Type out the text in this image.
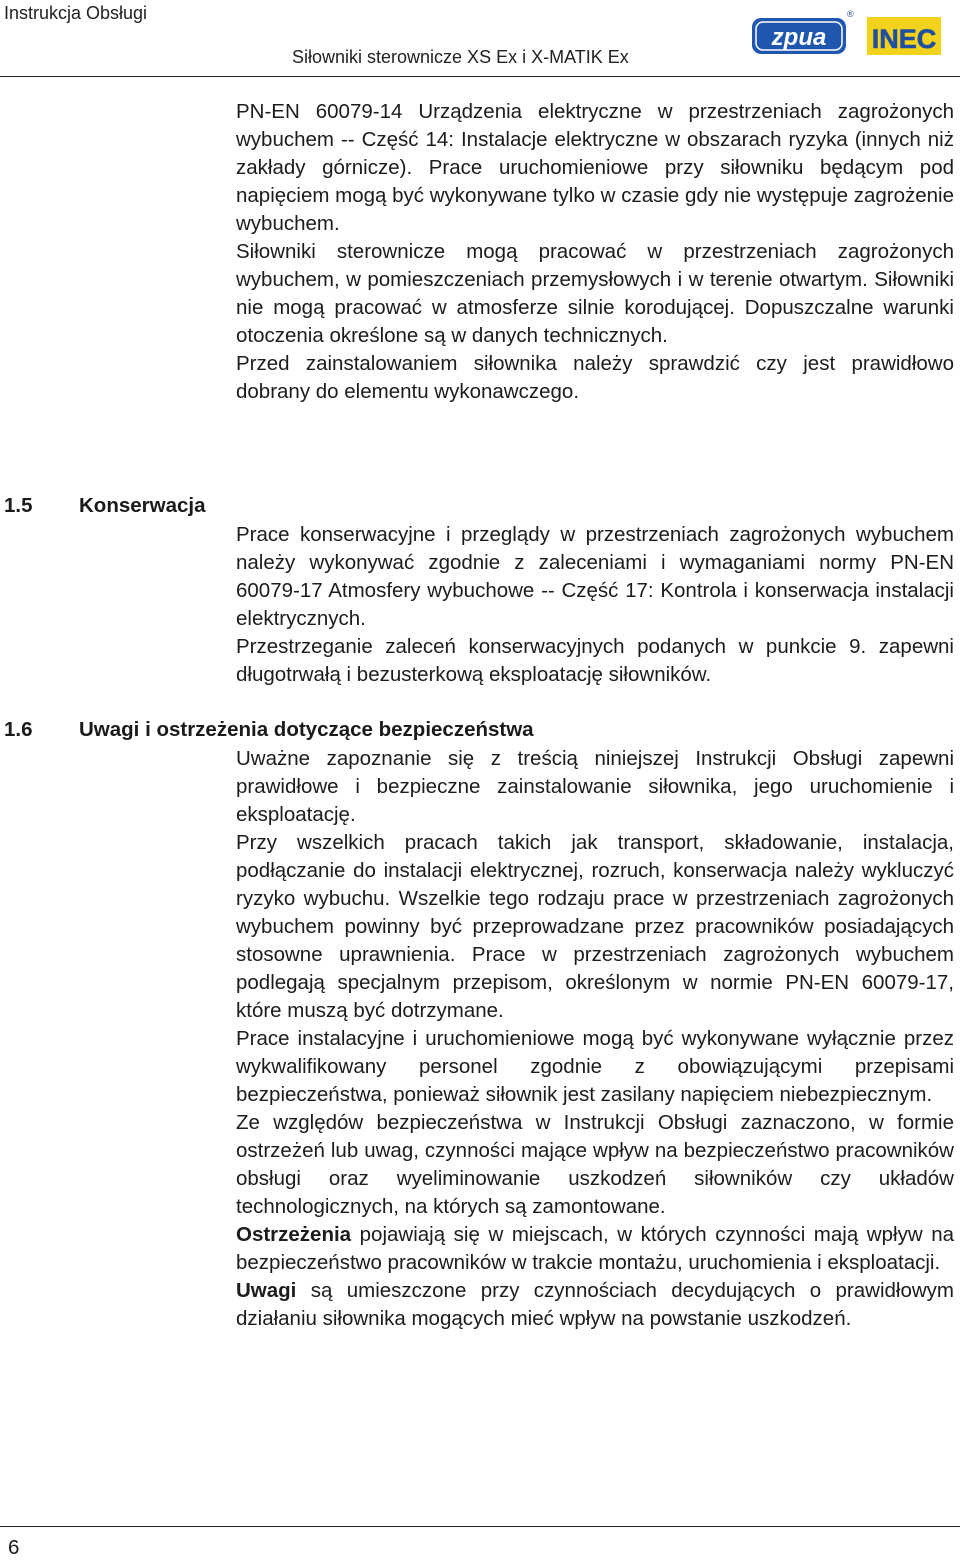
Instrukcja Obsługi
Siłowniki sterownicze XS Ex i X-MATIK Ex
zpua
®
INEC

PN-EN 60079-14 Urządzenia elektryczne w przestrzeniach zagrożonych wybuchem -- Część 14: Instalacje elektryczne w obszarach ryzyka (innych niż zakłady górnicze). Prace uruchomieniowe przy siłowniku będącym pod napięciem mogą być wykonywane tylko w czasie gdy nie występuje zagrożenie wybuchem.

Siłowniki sterownicze mogą pracować w przestrzeniach zagrożonych wybuchem, w pomieszczeniach przemysłowych i w terenie otwartym. Siłowniki nie mogą pracować w atmosferze silnie korodującej. Dopuszczalne warunki otoczenia określone są w danych technicznych.

Przed zainstalowaniem siłownika należy sprawdzić czy jest prawidłowo dobrany do elementu wykonawczego.

1.5 Konserwacja

Prace konserwacyjne i przeglądy w przestrzeniach zagrożonych wybuchem należy wykonywać zgodnie z zaleceniami i wymaganiami normy PN-EN 60079-17 Atmosfery wybuchowe -- Część 17: Kontrola i konserwacja instalacji elektrycznych.

Przestrzeganie zaleceń konserwacyjnych podanych w punkcie 9. zapewni długotrwałą i bezusterkową eksploatację siłowników.

1.6 Uwagi i ostrzeżenia dotyczące bezpieczeństwa

Uważne zapoznanie się z treścią niniejszej Instrukcji Obsługi zapewni prawidłowe i bezpieczne zainstalowanie siłownika, jego uruchomienie i eksploatację.

Przy wszelkich pracach takich jak transport, składowanie, instalacja, podłączanie do instalacji elektrycznej, rozruch, konserwacja należy wykluczyć ryzyko wybuchu. Wszelkie tego rodzaju prace w przestrzeniach zagrożonych wybuchem powinny być przeprowadzane przez pracowników posiadających stosowne uprawnienia. Prace w przestrzeniach zagrożonych wybuchem podlegają specjalnym przepisom, określonym w normie PN-EN 60079-17, które muszą być dotrzymane.

Prace instalacyjne i uruchomieniowe mogą być wykonywane wyłącznie przez wykwalifikowany personel zgodnie z obowiązującymi przepisami bezpieczeństwa, ponieważ siłownik jest zasilany napięciem niebezpiecznym.

Ze względów bezpieczeństwa w Instrukcji Obsługi zaznaczono, w formie ostrzeżeń lub uwag, czynności mające wpływ na bezpieczeństwo pracowników obsługi oraz wyeliminowanie uszkodzeń siłowników czy układów technologicznych, na których są zamontowane.

Ostrzeżenia pojawiają się w miejscach, w których czynności mają wpływ na bezpieczeństwo pracowników w trakcie montażu, uruchomienia i eksploatacji.

Uwagi są umieszczone przy czynnościach decydujących o prawidłowym działaniu siłownika mogących mieć wpływ na powstanie uszkodzeń.

6
